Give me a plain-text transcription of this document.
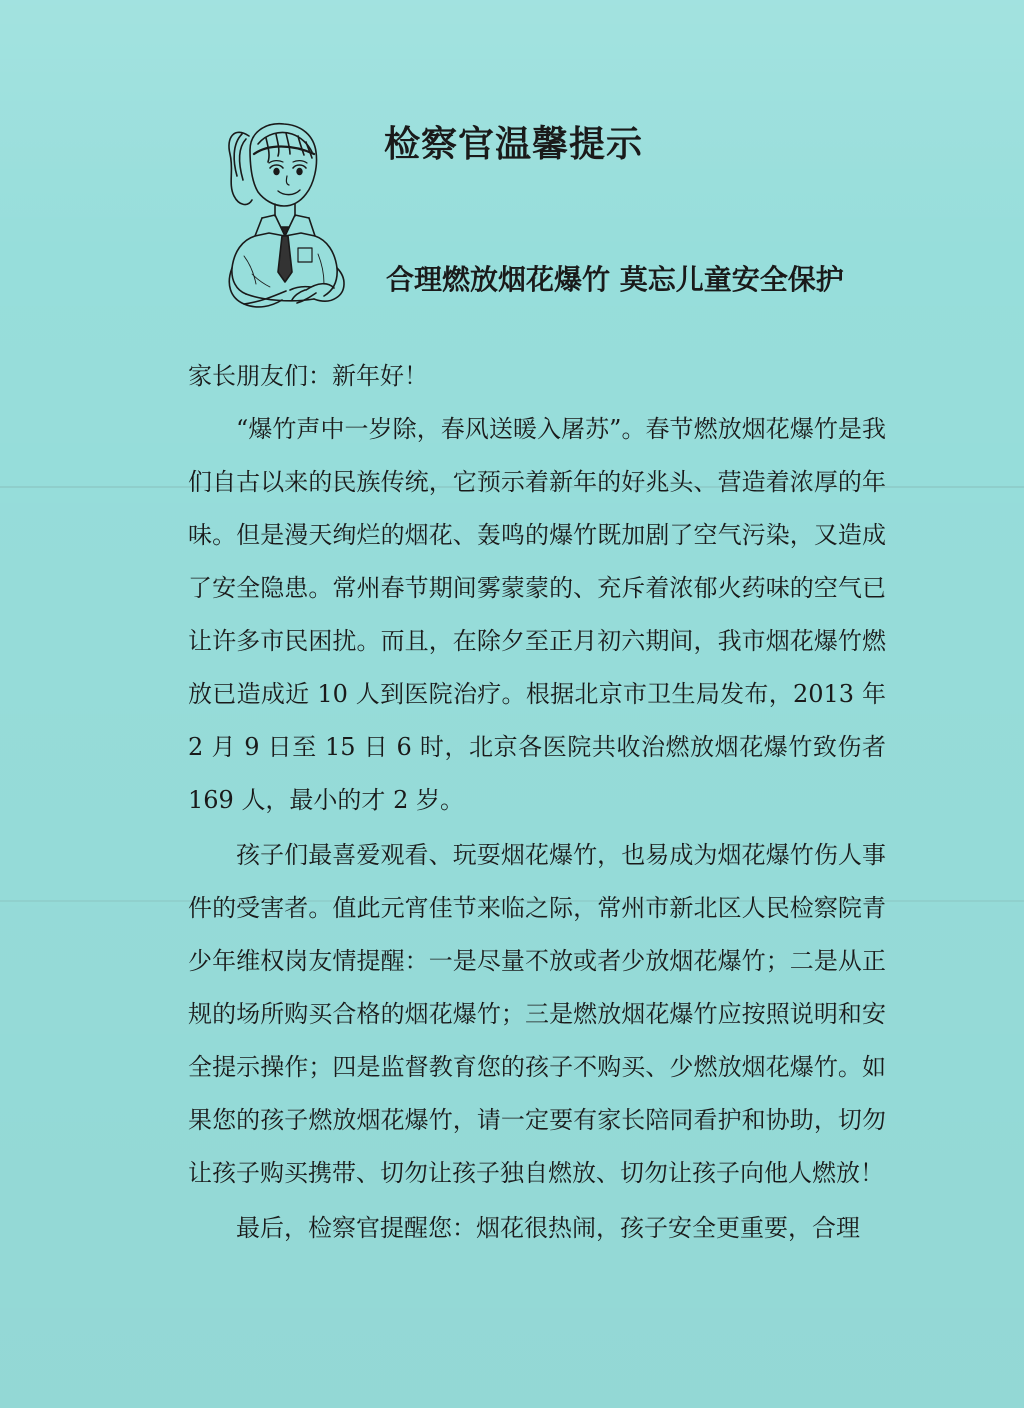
检察官温馨提示
合理燃放烟花爆竹 莫忘儿童安全保护

家长朋友们：新年好！

“爆竹声中一岁除，春风送暖入屠苏”。春节燃放烟花爆竹是我们自古以来的民族传统，它预示着新年的好兆头、营造着浓厚的年味。但是漫天绚烂的烟花、轰鸣的爆竹既加剧了空气污染，又造成了安全隐患。常州春节期间雾蒙蒙的、充斥着浓郁火药味的空气已让许多市民困扰。而且，在除夕至正月初六期间，我市烟花爆竹燃放已造成近 10 人到医院治疗。根据北京市卫生局发布，2013 年 2 月 9 日至 15 日 6 时，北京各医院共收治燃放烟花爆竹致伤者 169 人，最小的才 2 岁。

孩子们最喜爱观看、玩耍烟花爆竹，也易成为烟花爆竹伤人事件的受害者。值此元宵佳节来临之际，常州市新北区人民检察院青少年维权岗友情提醒：一是尽量不放或者少放烟花爆竹；二是从正规的场所购买合格的烟花爆竹；三是燃放烟花爆竹应按照说明和安全提示操作；四是监督教育您的孩子不购买、少燃放烟花爆竹。如果您的孩子燃放烟花爆竹，请一定要有家长陪同看护和协助，切勿让孩子购买携带、切勿让孩子独自燃放、切勿让孩子向他人燃放！

最后，检察官提醒您：烟花很热闹，孩子安全更重要，合理
